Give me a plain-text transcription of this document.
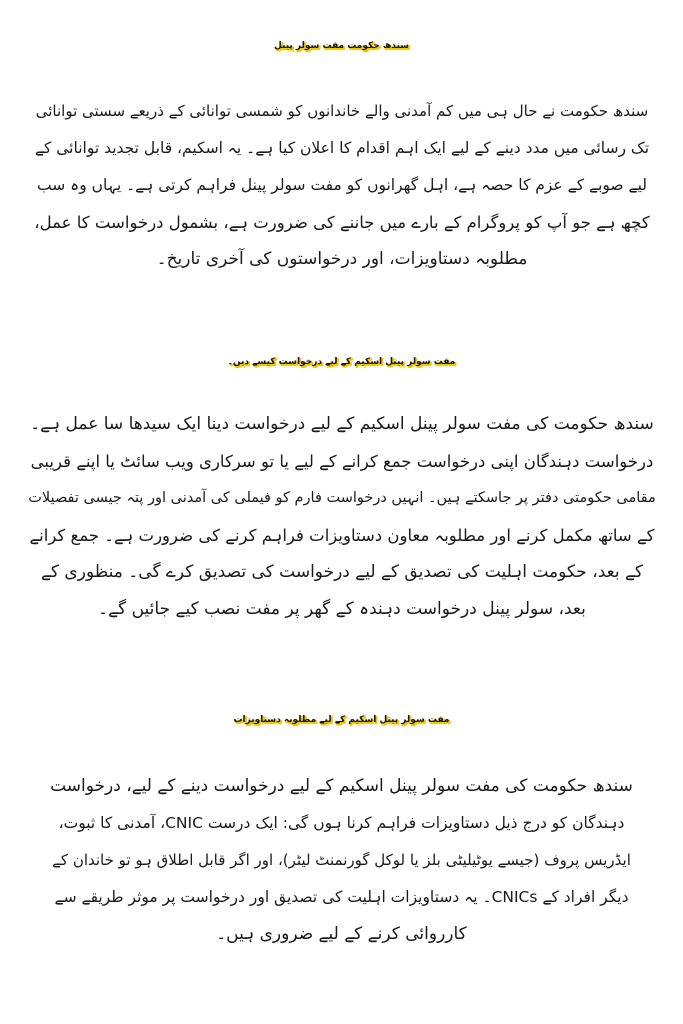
سندھ حکومت مفت سولر پینل
سندھ حکومت نے حال ہی میں کم آمدنی والے خاندانوں کو شمسی توانائی کے ذریعے سستی توانائی
تک رسائی میں مدد دینے کے لیے ایک اہم اقدام کا اعلان کیا ہے۔ یہ اسکیم، قابل تجدید توانائی کے
لیے صوبے کے عزم کا حصہ ہے، اہل گھرانوں کو مفت سولر پینل فراہم کرتی ہے۔ یہاں وہ سب
کچھ ہے جو آپ کو پروگرام کے بارے میں جاننے کی ضرورت ہے، بشمول درخواست کا عمل،
مطلوبہ دستاویزات، اور درخواستوں کی آخری تاریخ۔
مفت سولر پینل اسکیم کے لیے درخواست کیسے دیں۔
سندھ حکومت کی مفت سولر پینل اسکیم کے لیے درخواست دینا ایک سیدھا سا عمل ہے۔
درخواست دہندگان اپنی درخواست جمع کرانے کے لیے یا تو سرکاری ویب سائٹ یا اپنے قریبی
مقامی حکومتی دفتر پر جاسکتے ہیں۔ انہیں درخواست فارم کو فیملی کی آمدنی اور پتہ جیسی تفصیلات
کے ساتھ مکمل کرنے اور مطلوبہ معاون دستاویزات فراہم کرنے کی ضرورت ہے۔ جمع کرانے
کے بعد، حکومت اہلیت کی تصدیق کے لیے درخواست کی تصدیق کرے گی۔ منظوری کے
بعد، سولر پینل درخواست دہندہ کے گھر پر مفت نصب کیے جائیں گے۔
مفت سولر پینل اسکیم کے لیے مطلوبہ دستاویزات
سندھ حکومت کی مفت سولر پینل اسکیم کے لیے درخواست دینے کے لیے، درخواست
دہندگان کو درج ذیل دستاویزات فراہم کرنا ہوں گی: ایک درست CNIC، آمدنی کا ثبوت،
ایڈریس پروف (جیسے یوٹیلیٹی بلز یا لوکل گورنمنٹ لیٹر)، اور اگر قابل اطلاق ہو تو خاندان کے
دیگر افراد کے CNICs۔ یہ دستاویزات اہلیت کی تصدیق اور درخواست پر موثر طریقے سے
کارروائی کرنے کے لیے ضروری ہیں۔
